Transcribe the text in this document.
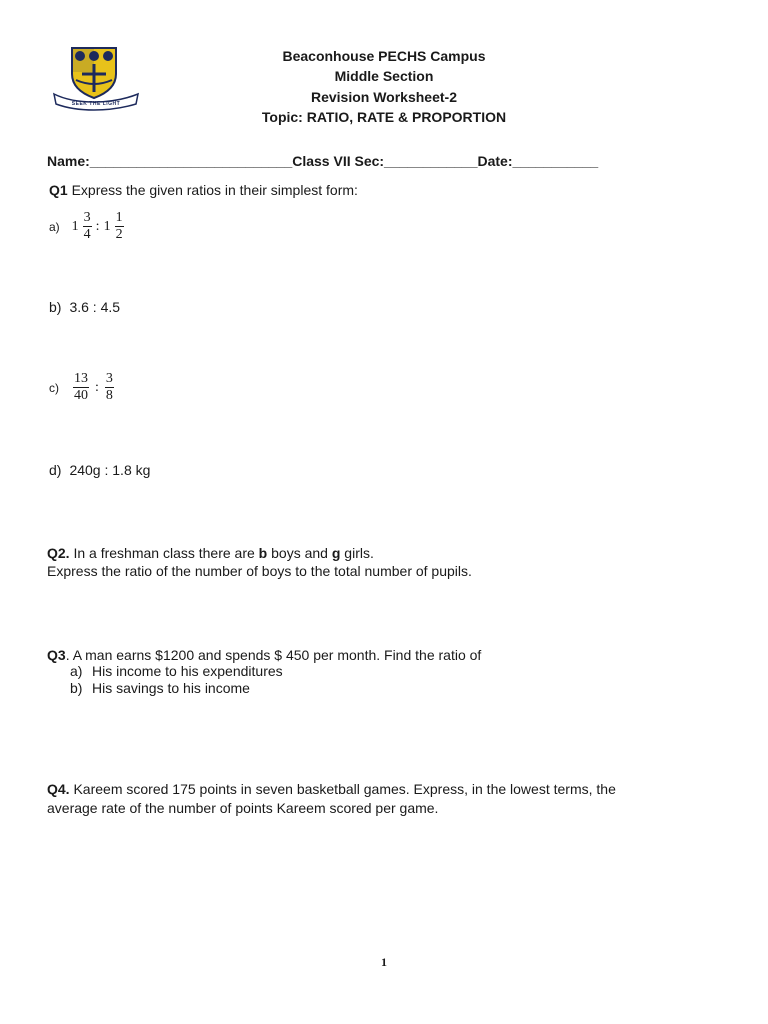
SEEK THE LIGHT
Beaconhouse PECHS Campus
Middle Section
Revision Worksheet-2
Topic: RATIO, RATE & PROPORTION
Name:__________________________Class VII Sec:____________Date:___________
Q1 Express the given ratios in their simplest form:
a) $1 \frac{3}{4}$ : $1 \frac{1}{2}$
b) 3.6 : 4.5
$c) \frac{13}{40}$ : $\frac{3}{8}$
d) 240g : 1.8 kg
Q2. In a freshman class there are b boys and g girls.
Express the ratio of the number of boys to the total number of pupils.
Q3. A man earns $1200 and spends $ 450 per month. Find the ratio of
a) His income to his expenditures
b) His savings to his income
Q4. Kareem scored 175 points in seven basketball games. Express, in the lowest terms, the
average rate of the number of points Kareem scored per game.
1
